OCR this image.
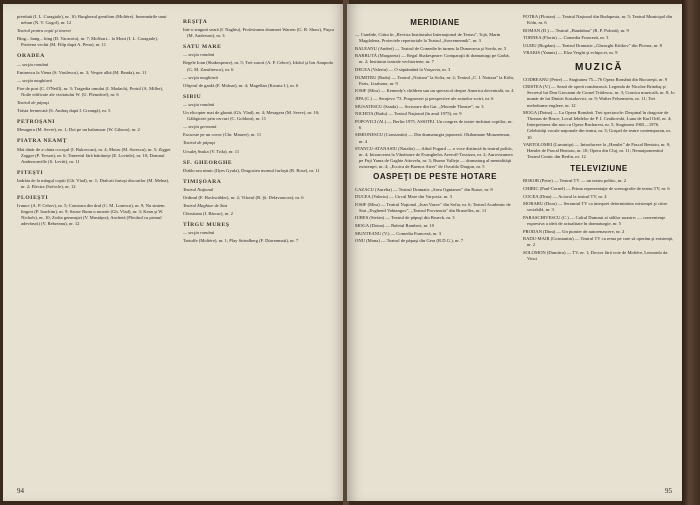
pierdută (I. L. Caragiale), nr. 10; Burghezul gentilom (Molière). Insemnările unui nebun (N. V. Gogol), nr. 12

Teatrul pentru copii şi tineret

Bing... bang... bing (D. Vacaroiu), nr. 7; Molfsari... la Moni (I. L. Caragiale), Prietena vechii (M. Filip după A. Penu), nr. 11

ORADEA

— secţia română

Eminescu la Viena (S. Vasilescu), nr. 3; Vespie albă (M. Beuda), nr. 11

— secţia maghiară

Fire de pori (C. O'Neill), nr. 3; Tragedia omului (I. Madach), Portul (A. Miller), Noile edificate ale vizitatului W. (U. Plenzdorf), nr. 6

Teatrul de păpuşi

Trăsta fermecată (S. Andraş după I. Creangă), nr. 5

PETROŞANI

Mesagera (M. Sevre), nr. 1; Doi pe un balansoar (W. Gibson), nr. 2

PIATRA NEAMŢ

Mai tânăr de a cânta cocoşul (I. Bukovcan), nr. 4; Motru (M. Sorescu), nr. 5; Zigger Zagger (P. Terson), nr. 6; Tineretul fără bătrâneţe (E. Lovinle), nr. 10; Domnul Andersonville (S. Levitt), nr. 11

PITEŞTI

Indrăta de la mărgul copiii (Gh. Vlad), nr. 1; Dialorii furioşi discurilor (M. Melna), nr. 2; Electra (Sofocle), nr. 12

PLOIEŞTI

Ivanov (A. P. Cehov), nr. 5; Comoara din drul (C. M. Lonescu), nr. 9; Nu sintem lingori (P. Ioachim), nr. 9; Sztaw Bunu u moarte (Gh. Vlad), nr. 3; Kean şi W. Nichols), nr. 10; Zodia generaţiei (V. Mustăţea); Anchetă (Plecând cu primul adevăruri) (V. Rebreanu), nr. 12

REŞIŢA

Intr-o singură seară (I. Naghiu), Profesiunea doamnei Warren (G. B. Shaw), Puşca (M. Anderson), nr. 3

SATU MARE

— secţia română

Regele Ioan (Shakespeare), nr. 5; Trei surori (A. P. Cehov), Idolul şi Ion Anapoda (G. M. Zamfirescu), nr. 6

— secţia maghiară

Ofiţerul de gardă (F. Molnar), nr. 4; Magellan (Kosnia I.), nr. 6

SIBIU

— secţia română

Un elicopter mai de glumit (Gh. Vlad), nr. 4; Mesagera (M. Sevre), nr. 10; Gălăgiorie prin cercuri (C. Goldoni), nr. 11

— secţia germană

Excursie pe un covor (Chr. Maurer), nr. 11

Teatrul de păpuşi

Ursuleţ Suska (V. Trila), nr. 11

SF. GHEORGHE

Dublu sau nimic (Ilyes Gyula), Dragostea momul furloşti (R. Rose), nr. 11

TIMIŞOARA

Teatrul Naţional

Ordinul (F. Hochwälder), nr. 2; Viforul (B. Şt. Delavrancea), nr. 6

Teatrul Maghiar de Stat

Chirstiana (I. Bărcur), nr. 2

TÎRGU MUREŞ

— secţia română

Tartuffe (Molière), nr. 1; Play Strindberg (F. Dürrenmatt), nr. 7

94
MERIDIANE

— Candide, Citim în „Revista Institutului Internaţional de Teatru", Tojă, Marin Magdalena, Proiectele repertoriale la Teatrul „Sovremennik", nr. 3

BALEANU (Andrei) — Teatrul de Comedie în turneu la Dunavarsa şi Sorda, nr. 5

BARBUTĂ (Margareta) — Regal Shakespeare: Comparaţii di dramaturgi pe Garbă, nr. 2; Institutui teatrale vechioriene, nr. 7

DECEA (Valeriu) — O săptămână la Varşovia, nr. 3

DUMITRU (Radu) — Teatrul „Nottara" la Sofia, nr. 2; Teatrul „C. I. Nottara" la Köln, Paris, Lisabona, nr. 9

IOSIF (Mira) — Kennedy's children sau un spectacol despre America decentrală, nr. 4

JIPA (C.) — Serajevo '73. Prognoseri şi perspective ale actuelor scriri, nr. 6

MUSATESCU (Sanda) — Scrisoare din Gat. „Moonde Theatre", nr. 3

NICHITA (Radu) — Teatrul Naţional (în anul 1975), nr. 9

POPOVICI (Al.) — Berlin 1975. ASSITEJ. Un congres de teatre inchinat copiilor, nr. 6

SIMIONESCU (Constantin) — Din dramaturgia japoneză. Okihamane Monzaemon, nr. 4

STANCU-ATANASIU (Natalia) — Athol Fugard — o voce distinctă în teatrul politic, nr. 4; Intoarcerea la Vânătoare de Evanghelos Averoff-Tossizza, nr. 2; Aurovizumea pe Fuji Yama de Gaghie Attovelu, nr. 3; Bueno Vallejo — dramaturg al mentalităţii existenţei, nr. 4; „Ecoica de Buenos Aires" de Osvaldo Dragun, nr. 5

OASPEŢI DE PESTE HOTARE

CAZACU (Aurelia) — Teatrul Dramatic „Sava Ognianov" din Russe, nr. 8

DUCEA (Valeriu) — Circul Mare din Varşovia, nr. 3

IOSIF (Mira) — Teatrul Naţional „Ivan Vazov" din Sofia, nr. 6; Teatrul Academic de Stat „Evghenil Vahtangov", „Teatrul Provizoria" din Bruxelles, nr. 11

IURES (Stefan) — Teatrul de păpuşi din Brueck, nr. 3

MOGA (Doina) — Baletul Rambert, nr. 10

MUNTEANU (V.) — Comedia Franceză, nr. 3

ONU (Mona) — Teatrul de păpuşi din Gera (R.D.G.), nr. 7

POTRA (Florian) — Teatrul Naţional din Budapesta, nr. 5; Teatrul Municipal din Köln, nr. 6

ROMAN (D.) — Teatrul „Bandabaa" (R. P. Polonă), nr. 9

TORNEA (Florin) — Comedia Franceză, nr. 3

ULMU (Bogdan) — Teatrul Dramatic „Gheorghi Kittkov" din Plovna, nr. 8

VRAKIS (Yannis) — Elza Verghi şi echipa ei, nr. 9

MUZICĂ

CODREANU (Petre) — Stagiunea 75—76 Opera Română din Bucureşti, nr. 9

CRISTEA (V.) — Seară de operă românească. Legenda de Nicolae Brinduş şi Secretul lui Don Giovanni de Cornel Trăilescu, nr. 3; Cronica muzicală, nr. 8; Jo număr de lui Dmitri Sostakovici, nr. 9; Walter Felsenstein, nr. 11; Trei melodrame engleze, nr. 12

MOGA (Doina) — La Opera Română. Trei spectacole: Despinal în dragoste de Thomas de Bruce, Locul Iebdelor de P. I. Ceaikovski, Luna de Karl Orff, nr. 4; Interpretarea din nou cu Opera Bucharest, nr. 5; Stagiunea 1965—1976. Celebrităţi vocale naţionale din teatru, nr. 3; Gospel de teatre contemporan, nr. 10

VARTOLOMEI (Luminiţa) — Introducere la „Hamlet" de Pascal Bentoiu, nr. 9; Hamlet de Pascal Bentoiu, nr. 10; Opera din Cluj, nr. 11; Nemaipomenitul Teatrul Comic din Berlin, nr. 12

TELEVIZIUNE

BOKOR (Petre) — Teatrul TV — un teatru politic, nr. 2

CHIRIC (Paul-Cornel) — Prima reprezentaţie de scenografie de teatru TV, nr. 6

COCEA (Dina) — Actorul la teatrul TV, nr. 4

MORARU (Doru) — Seriantul TV ca interpret determinăria existenţei şi citire sociabilă, nr. 3

PARASCHIVESCU (C.) — Cultul Dumnui ai sălilor noastre; — convenienţe expresiva a ideii de actualitate în dramaturgie, nr. 5

PRODAN (Dinu) — Un pionier de autorenascere, nr. 2

RADU-MAIR (Constantin) — Teatrul TV ca rema pe care să operăm şi existenţă, nr. 2

SOLOMON (Dumitru) — TV, nr. 1; Doctor fără voie de Molière, Leonardo da Vinci

95
